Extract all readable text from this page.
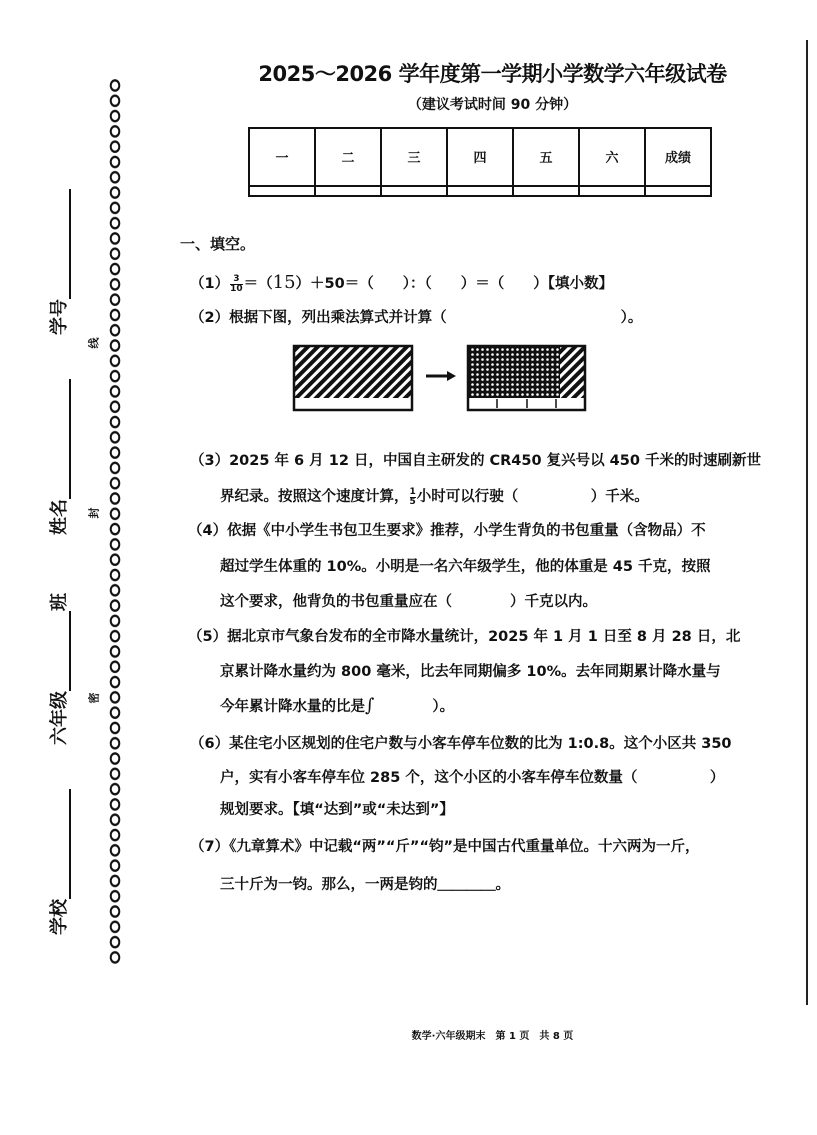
学校
六年级班
姓名
学号
密
封
线
2025～2026 学年度第一学期小学数学六年级试卷
（建议考试时间 90 分钟）
一	二	三	四	五	六	成绩

一、填空。
$(1) \frac{3}{10} =(15)+50=$（　　）：（　　）＝（　　）【填小数】
（2）根据下图，列出乘法算式并计算（　　　　　　　　　　　　）。
（3）2025 年 6 月 12 日，中国自主研发的 CR450 复兴号以 450 千米的时速刷新世
界纪录。按照这个速度计算， $\frac{1}{5}$ 小时可以行驶（　　　　　）千米。
（4）依据《中小学生书包卫生要求》推荐，小学生背负的书包重量（含物品）不
超过学生体重的 10%。小明是一名六年级学生，他的体重是 45 千克，按照
这个要求，他背负的书包重量应在（　　　　）千克以内。
（5）据北京市气象台发布的全市降水量统计，2025 年 1 月 1 日至 8 月 28 日，北
京累计降水量约为 800 毫米，比去年同期偏多 10%。去年同期累计降水量与
今年累计降水量的比是∫　　　　）。
（6）某住宅小区规划的住宅户数与小客车停车位数的比为 1:0.8。这个小区共 350
户，实有小客车停车位 285 个，这个小区的小客车停车位数量（　　　　　）
规划要求。【填“达到”或“未达到”】
（7）《九章算术》中记载“两”“斤”“钧”是中国古代重量单位。十六两为一斤，
三十斤为一钧。那么，一两是钧的＿＿＿＿。
数学·六年级期末　第 1 页　共 8 页
